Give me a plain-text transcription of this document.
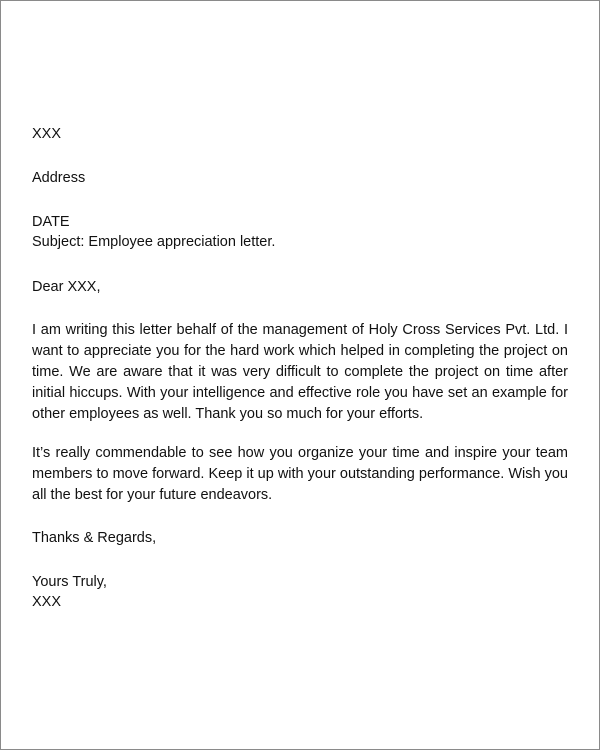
XXX
Address
DATE
Subject: Employee appreciation letter.
Dear XXX,
I am writing this letter behalf of the management of Holy Cross Services Pvt. Ltd. I want to appreciate you for the hard work which helped in completing the project on time. We are aware that it was very difficult to complete the project on time after initial hiccups. With your intelligence and effective role you have set an example for other employees as well. Thank you so much for your efforts.
It’s really commendable to see how you organize your time and inspire your team members to move forward. Keep it up with your outstanding performance. Wish you all the best for your future endeavors.
Thanks & Regards,
Yours Truly,
XXX
